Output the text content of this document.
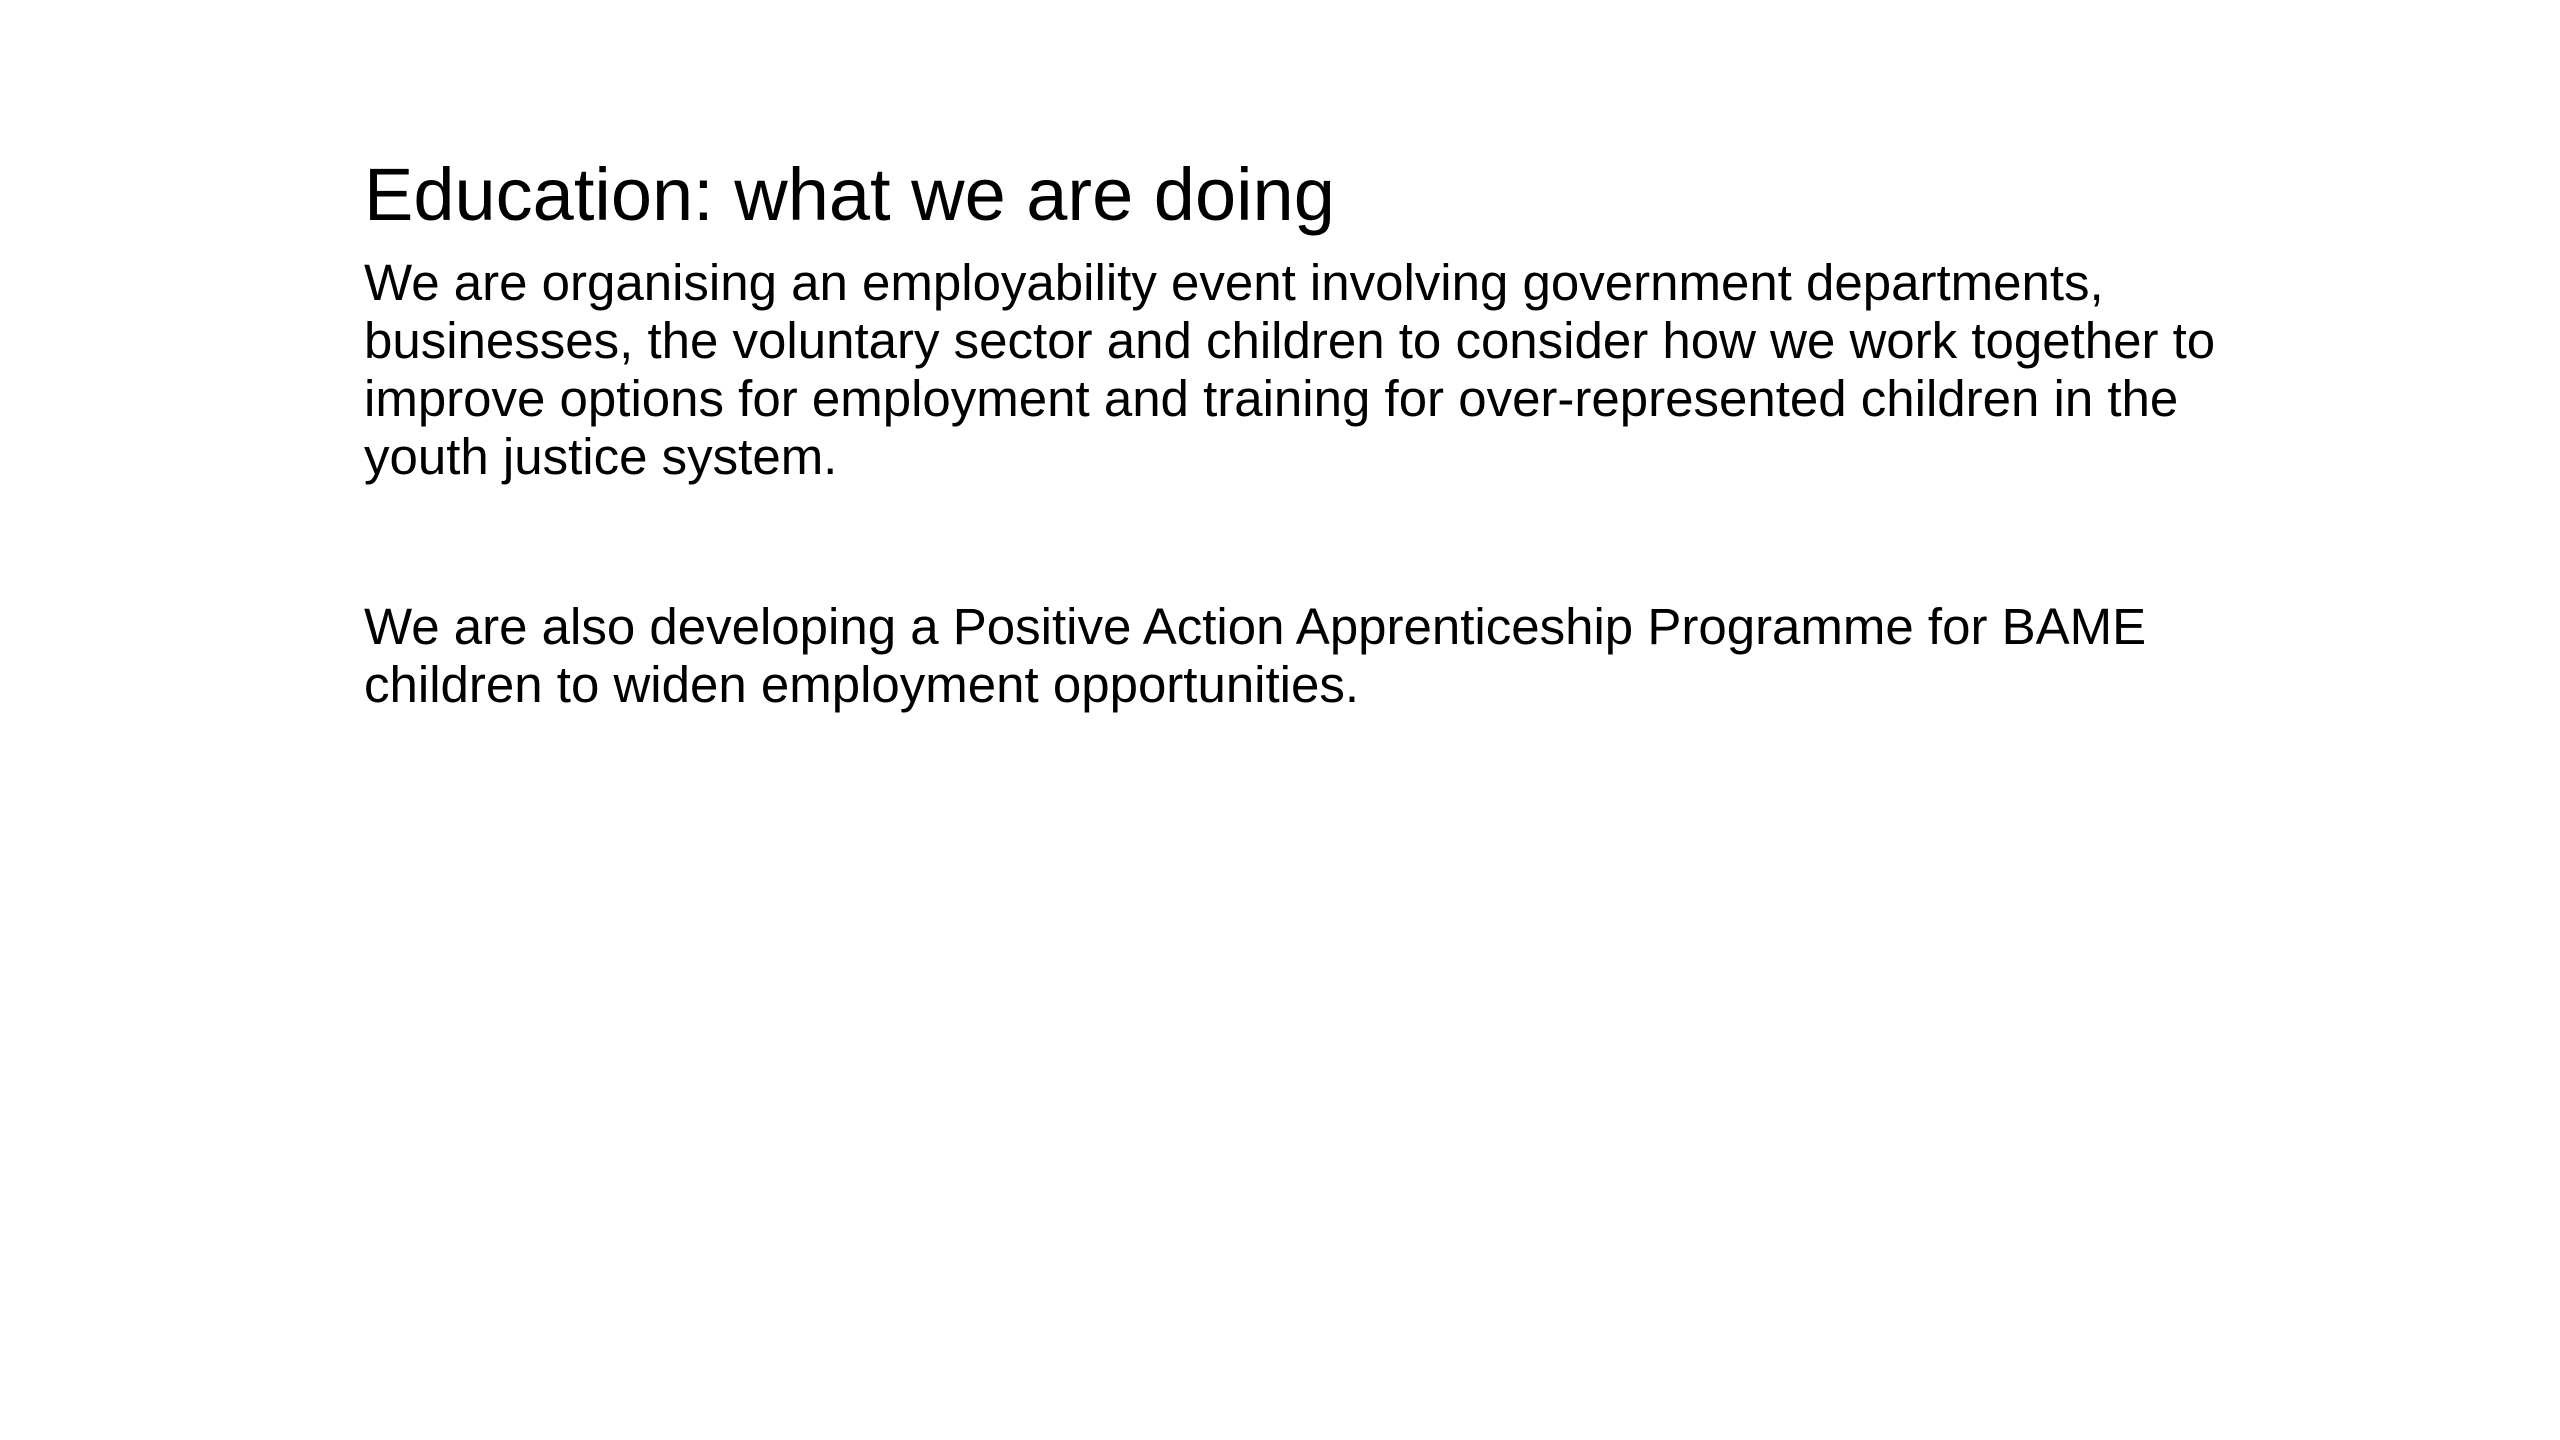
Education: what we are doing

We are organising an employability event involving government departments, businesses, the voluntary sector and children to consider how we work together to improve options for employment and training for over-represented children in the youth justice system.

We are also developing a Positive Action Apprenticeship Programme for BAME children to widen employment opportunities.
